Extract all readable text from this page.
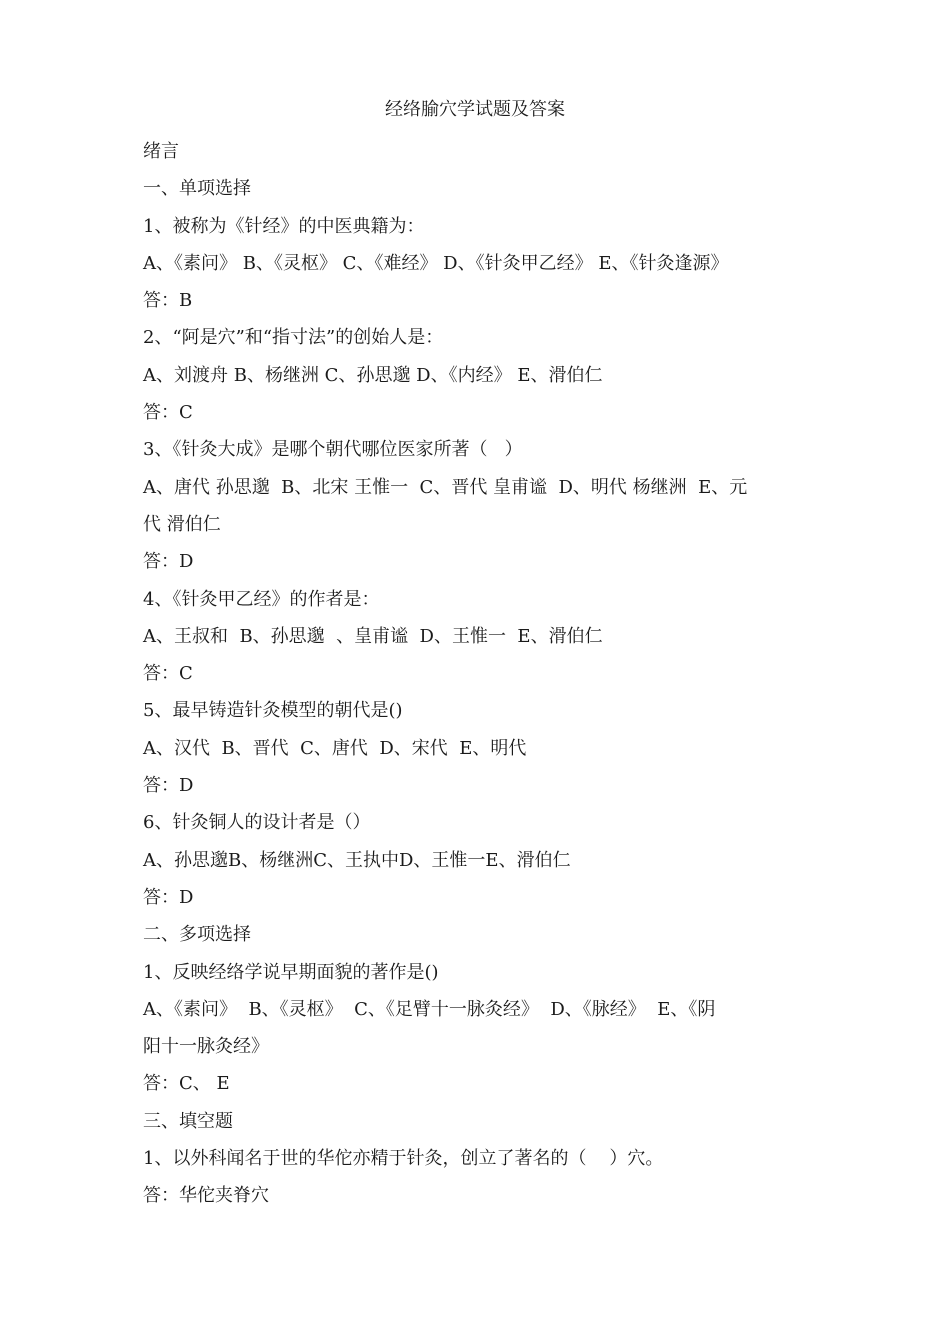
经络腧穴学试题及答案

绪言

一、单项选择

1、被称为《针经》的中医典籍为：

A、《素问》 B、《灵枢》 C、《难经》 D、《针灸甲乙经》 E、《针灸逢源》

答：B

2、“阿是穴”和“指寸法”的创始人是：

A、刘渡舟 B、杨继洲 C、孙思邈 D、《内经》 E、滑伯仁

答：C

3、《针灸大成》是哪个朝代哪位医家所著（   ）

A、唐代 孙思邈  B、北宋 王惟一  C、晋代 皇甫谧  D、明代 杨继洲  E、元

代 滑伯仁

答：D

4、《针灸甲乙经》的作者是：

A、王叔和  B、孙思邈  、皇甫谧  D、王惟一  E、滑伯仁

答：C

5、最早铸造针灸模型的朝代是()

A、汉代  B、晋代  C、唐代  D、宋代  E、明代

答：D

6、针灸铜人的设计者是（）

A、孙思邈B、杨继洲C、王执中D、王惟一E、滑伯仁

答：D

二、多项选择

1、反映经络学说早期面貌的著作是()

A、《素问》  B、《灵枢》  C、《足臂十一脉灸经》  D、《脉经》  E、《阴

阳十一脉灸经》

答：C、 E

三、填空题

1、以外科闻名于世的华佗亦精于针灸，创立了著名的（    ）穴。

答：华佗夹脊穴
